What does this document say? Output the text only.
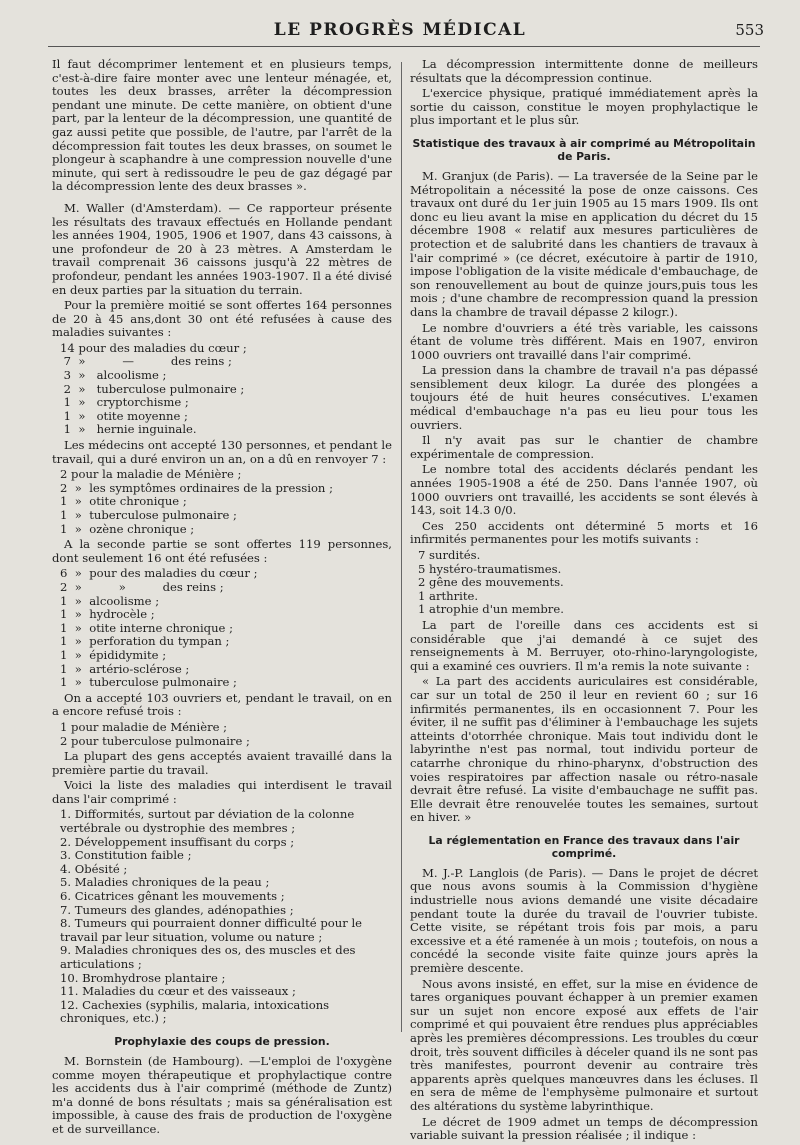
LE PROGRÈS MÉDICAL	553

Il faut décomprimer lentement et en plusieurs temps, c'est-à-dire faire monter avec une lenteur ménagée, et, toutes les deux brasses, arrêter la décompression pendant une minute. De cette manière, on obtient d'une part, par la lenteur de la décompression, une quantité de gaz aussi petite que possible, de l'autre, par l'arrêt de la décompression fait toutes les deux brasses, on soumet le plongeur à scaphandre à une compression nouvelle d'une minute, qui sert à redissoudre le peu de gaz dégagé par la décompression lente des deux brasses ».

M. Waller (d'Amsterdam). — Ce rapporteur présente les résultats des travaux effectués en Hollande pendant les années 1904, 1905, 1906 et 1907, dans 43 caissons, à une profondeur de 20 à 23 mètres. A Amsterdam le travail comprenait 36 caissons jusqu'à 22 mètres de profondeur, pendant les années 1903-1907. Il a été divisé en deux parties par la situation du terrain.

Pour la première moitié se sont offertes 164 personnes de 20 à 45 ans,dont 30 ont été refusées à cause des maladies suivantes :

14 pour des maladies du cœur ;
7  »          —          des reins ;
3  »   alcoolisme ;
2  »   tuberculose pulmonaire ;
1  »   cryptorchisme ;
1  »   otite moyenne ;
1  »   hernie inguinale.

Les médecins ont accepté 130 personnes, et pendant le travail, qui a duré environ un an, on a dû en renvoyer 7 :

2 pour la maladie de Ménière ;
2  »  les symptômes ordinaires de la pression ;
1  »  otite chronique ;
1  »  tuberculose pulmonaire ;
1  »  ozène chronique ;

A la seconde partie se sont offertes 119 personnes, dont seulement 16 ont été refusées :

6  »  pour des maladies du cœur ;
2  »          »          des reins ;
1  »  alcoolisme ;
1  »  hydrocèle ;
1  »  otite interne chronique ;
1  »  perforation du tympan ;
1  »  épididymite ;
1  »  artério-sclérose ;
1  »  tuberculose pulmonaire ;

On a accepté 103 ouvriers et, pendant le travail, on en a encore refusé trois :

1 pour maladie de Ménière ;
2 pour tuberculose pulmonaire ;

La plupart des gens acceptés avaient travaillé dans la première partie du travail.

Voici la liste des maladies qui interdisent le travail dans l'air comprimé :

1. Difformités, surtout par déviation de la colonne vertébrale ou dystrophie des membres ;
2. Développement insuffisant du corps ;
3. Constitution faible ;
4. Obésité ;
5. Maladies chroniques de la peau ;
6. Cicatrices gênant les mouvements ;
7. Tumeurs des glandes, adénopathies ;
8. Tumeurs qui pourraient donner difficulté pour le travail par leur situation, volume ou nature ;
9. Maladies chroniques des os, des muscles et des articulations ;
10. Bromhydrose plantaire ;
11. Maladies du cœur et des vaisseaux ;
12. Cachexies (syphilis, malaria, intoxications chroniques, etc.) ;
Prophylaxie des coups de pression.

M. Bornstein (de Hambourg). —L'emploi de l'oxygène comme moyen thérapeutique et prophylactique contre les accidents dus à l'air comprimé (méthode de Zuntz) m'a donné de bons résultats ; mais sa généralisation est impossible, à cause des frais de production de l'oxygène et de surveillance.

La décompression intermittente donne de meilleurs résultats que la décompression continue.

L'exercice physique, pratiqué immédiatement après la sortie du caisson, constitue le moyen prophylactique le plus important et le plus sûr.

Statistique des travaux à air comprimé au Métropolitain de Paris.

M. Granjux (de Paris). — La traversée de la Seine par le Métropolitain a nécessité la pose de onze caissons. Ces travaux ont duré du 1er juin 1905 au 15 mars 1909. Ils ont donc eu lieu avant la mise en application du décret du 15 décembre 1908 « relatif aux mesures particulières de protection et de salubrité dans les chantiers de travaux à l'air comprimé » (ce décret, exécutoire à partir de 1910, impose l'obligation de la visite médicale d'embauchage, de son renouvellement au bout de quinze jours,puis tous les mois ; d'une chambre de recompression quand la pression dans la chambre de travail dépasse 2 kilogr.).

Le nombre d'ouvriers a été très variable, les caissons étant de volume très différent. Mais en 1907, environ 1000 ouvriers ont travaillé dans l'air comprimé.

La pression dans la chambre de travail n'a pas dépassé sensiblement deux kilogr. La durée des plongées a toujours été de huit heures consécutives. L'examen médical d'embauchage n'a pas eu lieu pour tous les ouvriers.

Il n'y avait pas sur le chantier de chambre expérimentale de compression.

Le nombre total des accidents déclarés pendant les années 1905-1908 a été de 250. Dans l'année 1907, où 1000 ouvriers ont travaillé, les accidents se sont élevés à 143, soit 14.3 0/0.

Ces 250 accidents ont déterminé 5 morts et 16 infirmités permanentes pour les motifs suivants :

7 surdités.
5 hystéro-traumatismes.
2 gêne des mouvements.
1 arthrite.
1 atrophie d'un membre.

La part de l'oreille dans ces accidents est si considérable que j'ai demandé à ce sujet des renseignements à M. Berruyer, oto-rhino-laryngologiste, qui a examiné ces ouvriers. Il m'a remis la note suivante :

« La part des accidents auriculaires est considérable, car sur un total de 250 il leur en revient 60 ; sur 16 infirmités permanentes, ils en occasionnent 7. Pour les éviter, il ne suffit pas d'éliminer à l'embauchage les sujets atteints d'otorrhée chronique. Mais tout individu dont le labyrinthe n'est pas normal, tout individu porteur de catarrhe chronique du rhino-pharynx, d'obstruction des voies respiratoires par affection nasale ou rétro-nasale devrait être refusé. La visite d'embauchage ne suffit pas. Elle devrait être renouvelée toutes les semaines, surtout en hiver. »

La réglementation en France des travaux dans l'air comprimé.

M. J.-P. Langlois (de Paris). — Dans le projet de décret que nous avons soumis à la Commission d'hygiène industrielle nous avions demandé une visite décadaire pendant toute la durée du travail de l'ouvrier tubiste. Cette visite, se répétant trois fois par mois, a paru excessive et a été ramenée à un mois ; toutefois, on nous a concédé la seconde visite faite quinze jours après la première descente.

Nous avons insisté, en effet, sur la mise en évidence de tares organiques pouvant échapper à un premier examen sur un sujet non encore exposé aux effets de l'air comprimé et qui pouvaient être rendues plus appréciables après les premières décompressions. Les troubles du cœur droit, très souvent difficiles à déceler quand ils ne sont pas très manifestes, pourront devenir au contraire très apparents après quelques manœuvres dans les écluses. Il en sera de même de l'emphysème pulmonaire et surtout des altérations du système labyrinthique.

Le décret de 1909 admet un temps de décompression variable suivant la pression réalisée ; il indique :
